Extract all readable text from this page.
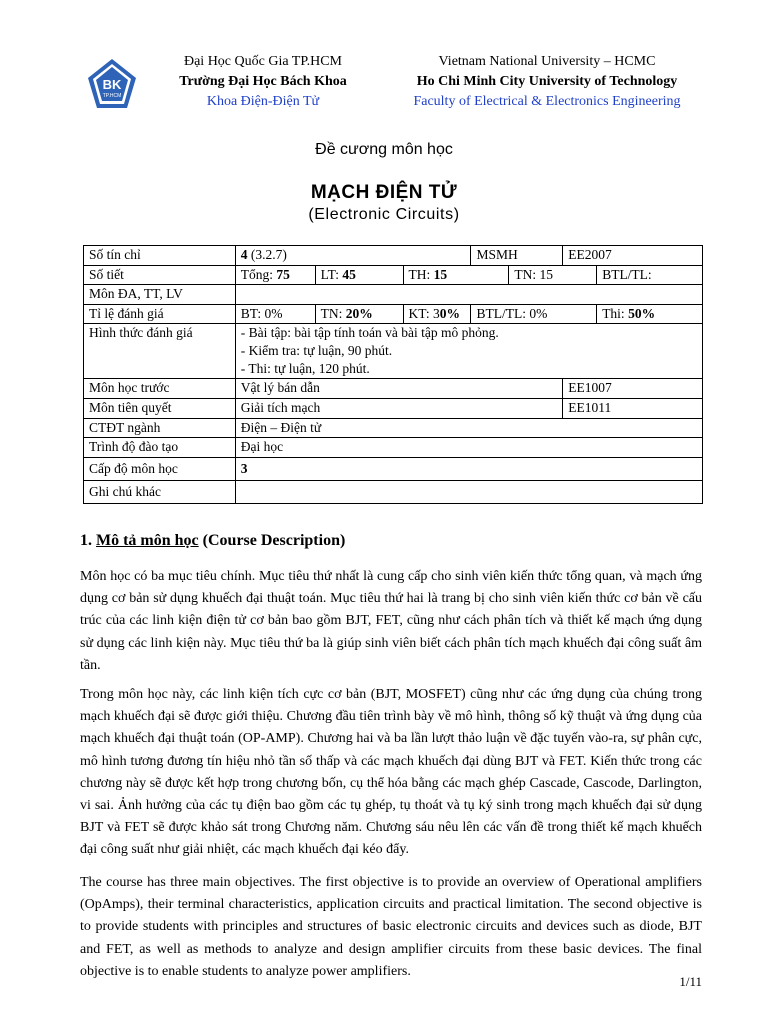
BK
TP.HCM
Đại Học Quốc Gia TP.HCM
Trường Đại Học Bách Khoa
Khoa Điện-Điện Tử
Vietnam National University – HCMC
Ho Chi Minh City University of Technology
Faculty of Electrical & Electronics Engineering
Đề cương môn học
MẠCH ĐIỆN TỬ
(Electronic Circuits)
Số tín chỉ	4 (3.2.7)			MSMH		EE2007	
Số tiết	Tổng: 75	LT: 45	TH: 15		TN: 15		BTL/TL:
Môn ĐA, TT, LV							
Tỉ lệ đánh giá	BT: 0%	TN: 20%	KT: 30%	BTL/TL: 0%			Thi: 50%
Hình thức đánh giá	- Bài tập: bài tập tính toán và bài tập mô phỏng.
- Kiểm tra: tự luận, 90 phút.
- Thi: tự luận, 120 phút.						

Môn học trước	Vật lý bán dẫn					EE1007	
Môn tiên quyết	Giải tích mạch					EE1011	
CTĐT ngành	Điện – Điện tử						
Trình độ đào tạo	Đại học						
Cấp độ môn học	3						
Ghi chú khác							
1. Mô tả môn học (Course Description)
Môn học có ba mục tiêu chính. Mục tiêu thứ nhất là cung cấp cho sinh viên kiến thức tổng quan, và mạch ứng dụng cơ bản sử dụng khuếch đại thuật toán. Mục tiêu thứ hai là trang bị cho sinh viên kiến thức cơ bản về cấu trúc của các linh kiện điện tử cơ bản bao gồm BJT, FET, cũng như cách phân tích và thiết kế mạch ứng dụng sử dụng các linh kiện này. Mục tiêu thứ ba là giúp sinh viên biết cách phân tích mạch khuếch đại công suất âm tần.
Trong môn học này, các linh kiện tích cực cơ bản (BJT, MOSFET) cũng như các ứng dụng của chúng trong mạch khuếch đại sẽ được giới thiệu. Chương đầu tiên trình bày về mô hình, thông số kỹ thuật và ứng dụng của mạch khuếch đại thuật toán (OP-AMP). Chương hai và ba lần lượt thảo luận về đặc tuyến vào-ra, sự phân cực, mô hình tương đương tín hiệu nhỏ tần số thấp và các mạch khuếch đại dùng BJT và FET. Kiến thức trong các chương này sẽ được kết hợp trong chương bốn, cụ thể hóa bằng các mạch ghép Cascade, Cascode, Darlington, vi sai. Ảnh hưởng của các tụ điện bao gồm các tụ ghép, tụ thoát và tụ ký sinh trong mạch khuếch đại sử dụng BJT và FET sẽ được khảo sát trong Chương năm. Chương sáu nêu lên các vấn đề trong thiết kế mạch khuếch đại công suất như giải nhiệt, các mạch khuếch đại kéo đẩy.
The course has three main objectives. The first objective is to provide an overview of Operational amplifiers (OpAmps), their terminal characteristics, application circuits and practical limitation. The second objective is to provide students with principles and structures of basic electronic circuits and devices such as diode, BJT and FET, as well as methods to analyze and design amplifier circuits from these basic devices. The final objective is to enable students to analyze power amplifiers.
1/11
